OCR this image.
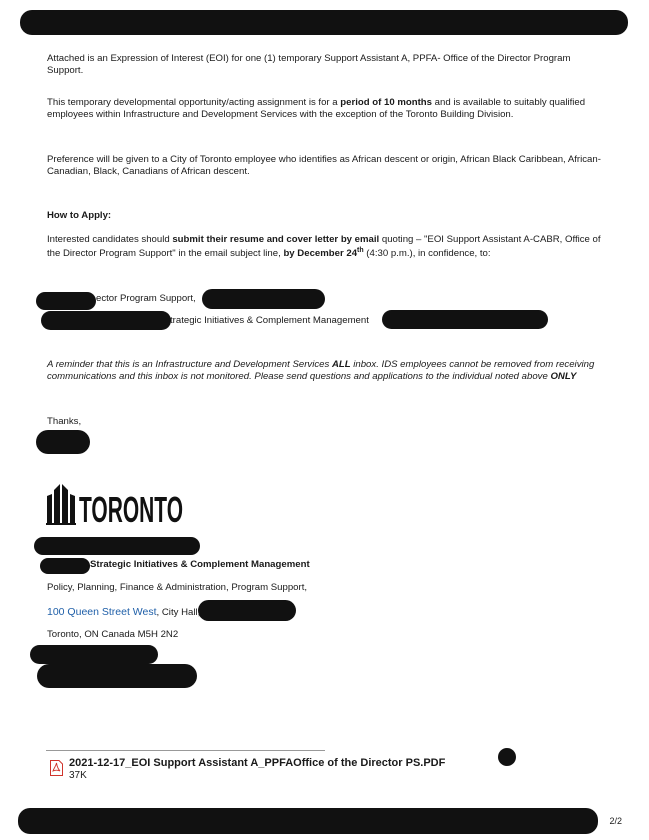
Attached is an Expression of Interest (EOI) for one (1) temporary Support Assistant A, PPFA- Office of the Director Program Support.

This temporary developmental opportunity/acting assignment is for a period of 10 months and is available to suitably qualified employees within Infrastructure and Development Services with the exception of the Toronto Building Division.

Preference will be given to a City of Toronto employee who identifies as African descent or origin, African Black Caribbean, African-Canadian, Black, Canadians of African descent.

How to Apply:

Interested candidates should submit their resume and cover letter by email quoting – "EOI Support Assistant A-CABR, Office of the Director Program Support" in the email subject line, by December 24th (4:30 p.m.), in confidence, to:

ector Program Support,
trategic Initiatives & Complement Management

A reminder that this is an Infrastructure and Development Services ALL inbox. IDS employees cannot be removed from receiving communications and this inbox is not monitored. Please send questions and applications to the individual noted above ONLY

Thanks,
TORONTO
Strategic Initiatives & Complement Management
Policy, Planning, Finance & Administration, Program Support,
100 Queen Street West, City Hall,
Toronto, ON Canada M5H 2N2
2021-12-17_EOI Support Assistant A_PPFAOffice of the Director PS.PDF
37K
2/2
